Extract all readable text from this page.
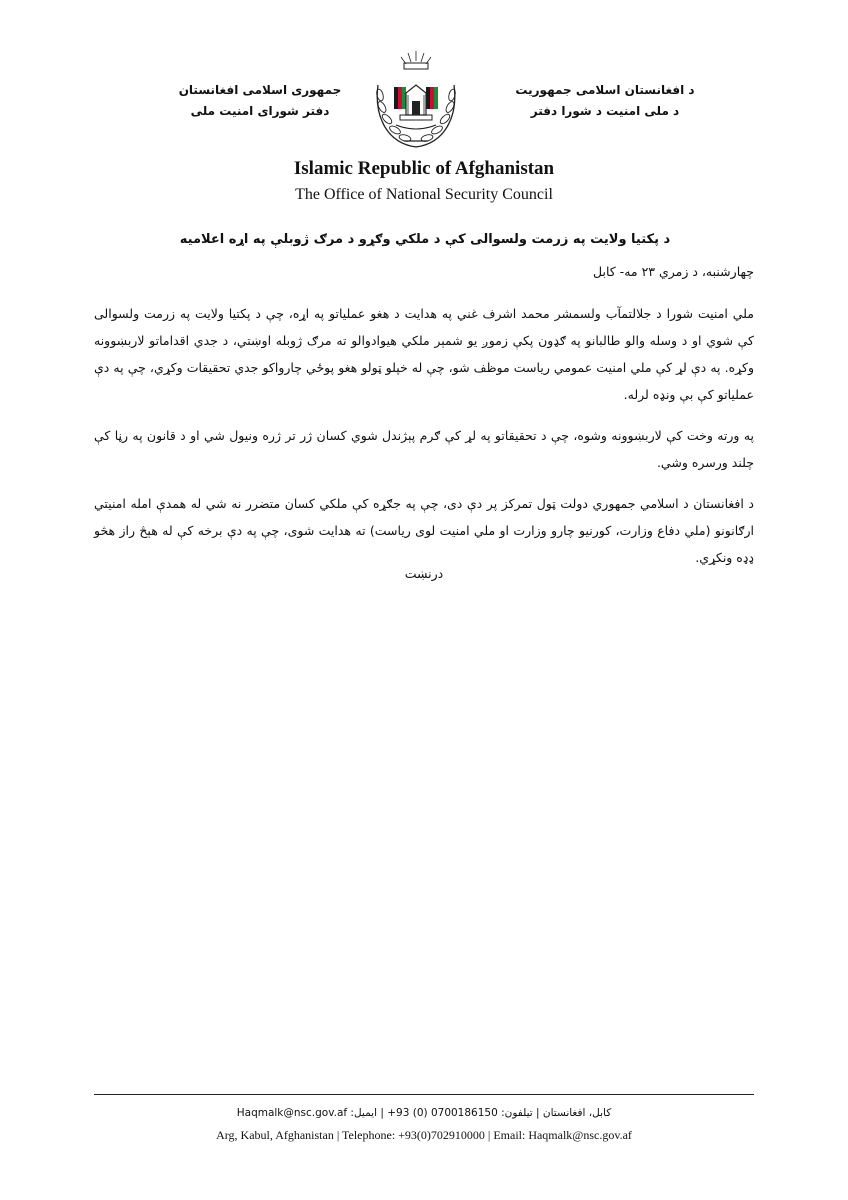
جمهوری اسلامی افغانستان
دفتر شورای امنیت ملی
د افغانستان اسلامی جمهوریت
د ملی امنیت د شورا دفتر
Islamic Republic of Afghanistan
The Office of National Security Council
د پکتیا ولایت په زرمت ولسوالی کې د ملکي وګړو د مرګ ژوبلې په اړه اعلامیه
چهارشنبه، د زمري ۲۳ مه- کابل

ملي امنیت شورا د جلالتمآب ولسمشر محمد اشرف غني په هدایت د هغو عملیاتو په اړه، چې د پکتیا ولایت په زرمت ولسوالی کې شوي او د وسله والو طالبانو په ګډون پکې زموږ یو شمېر ملکي هیوادوالو ته مرګ ژوبله اوښتي، د جدي اقداماتو لاربښوونه وکړه. په دې لړ کې ملي امنیت عمومي ریاست موظف شو، چې له خپلو ټولو هغو پوځي چارواکو جدي تحقیقات وکړي، چې په دې عملیاتو کې بې ونډه لرله.

په ورته وخت کې لاربښوونه وشوه، چې د تحقیقاتو په لړ کې ګرم پېژندل شوي کسان ژر تر ژره ونیول شي او د قانون په رڼا کې چلند ورسره وشي.

د افغانستان د اسلامي جمهوري دولت ټول تمرکز پر دې دی، چې په جګړه کې ملکي کسان متضرر نه شي له همدې امله امنیتي ارګانونو (ملي دفاع وزارت، کورنیو چارو وزارت او ملي امنیت لوی ریاست) ته هدایت شوی، چې په دې برخه کې له هېڅ راز هڅو ډډه ونکړي.

درنښت
کابل، افغانستان | تیلفون: 0700186150 (0) 93+ | ایمیل: Haqmalk@nsc.gov.af
Arg, Kabul, Afghanistan | Telephone: +93(0)702910000 | Email: Haqmalk@nsc.gov.af
